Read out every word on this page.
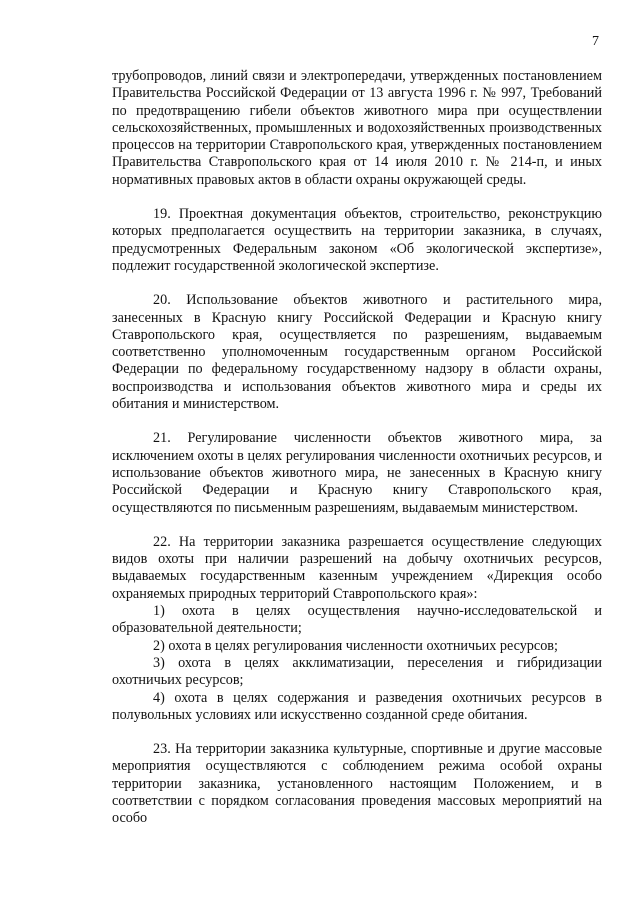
7

трубопроводов, линий связи и электропередачи, утвержденных постановлением Правительства Российской Федерации от 13 августа 1996 г. № 997, Требований по предотвращению гибели объектов животного мира при осуществлении сельскохозяйственных, промышленных и водохозяйственных производственных процессов на территории Ставропольского края, утвержденных постановлением Правительства Ставропольского края от 14 июля 2010 г. № 214-п, и иных нормативных правовых актов в области охраны окружающей среды.

19. Проектная документация объектов, строительство, реконструкцию которых предполагается осуществить на территории заказника, в случаях, предусмотренных Федеральным законом «Об экологической экспертизе», подлежит государственной экологической экспертизе.

20. Использование объектов животного и растительного мира, занесенных в Красную книгу Российской Федерации и Красную книгу Ставропольского края, осуществляется по разрешениям, выдаваемым соответственно уполномоченным государственным органом Российской Федерации по федеральному государственному надзору в области охраны, воспроизводства и использования объектов животного мира и среды их обитания и министерством.

21. Регулирование численности объектов животного мира, за исключением охоты в целях регулирования численности охотничьих ресурсов, и использование объектов животного мира, не занесенных в Красную книгу Российской Федерации и Красную книгу Ставропольского края, осуществляются по письменным разрешениям, выдаваемым министерством.

22. На территории заказника разрешается осуществление следующих видов охоты при наличии разрешений на добычу охотничьих ресурсов, выдаваемых государственным казенным учреждением «Дирекция особо охраняемых природных территорий Ставропольского края»:

1) охота в целях осуществления научно-исследовательской и образовательной деятельности;

2) охота в целях регулирования численности охотничьих ресурсов;

3) охота в целях акклиматизации, переселения и гибридизации охотничьих ресурсов;

4) охота в целях содержания и разведения охотничьих ресурсов в полувольных условиях или искусственно созданной среде обитания.

23. На территории заказника культурные, спортивные и другие массовые мероприятия осуществляются с соблюдением режима особой охраны территории заказника, установленного настоящим Положением, и в соответствии с порядком согласования проведения массовых мероприятий на особо
